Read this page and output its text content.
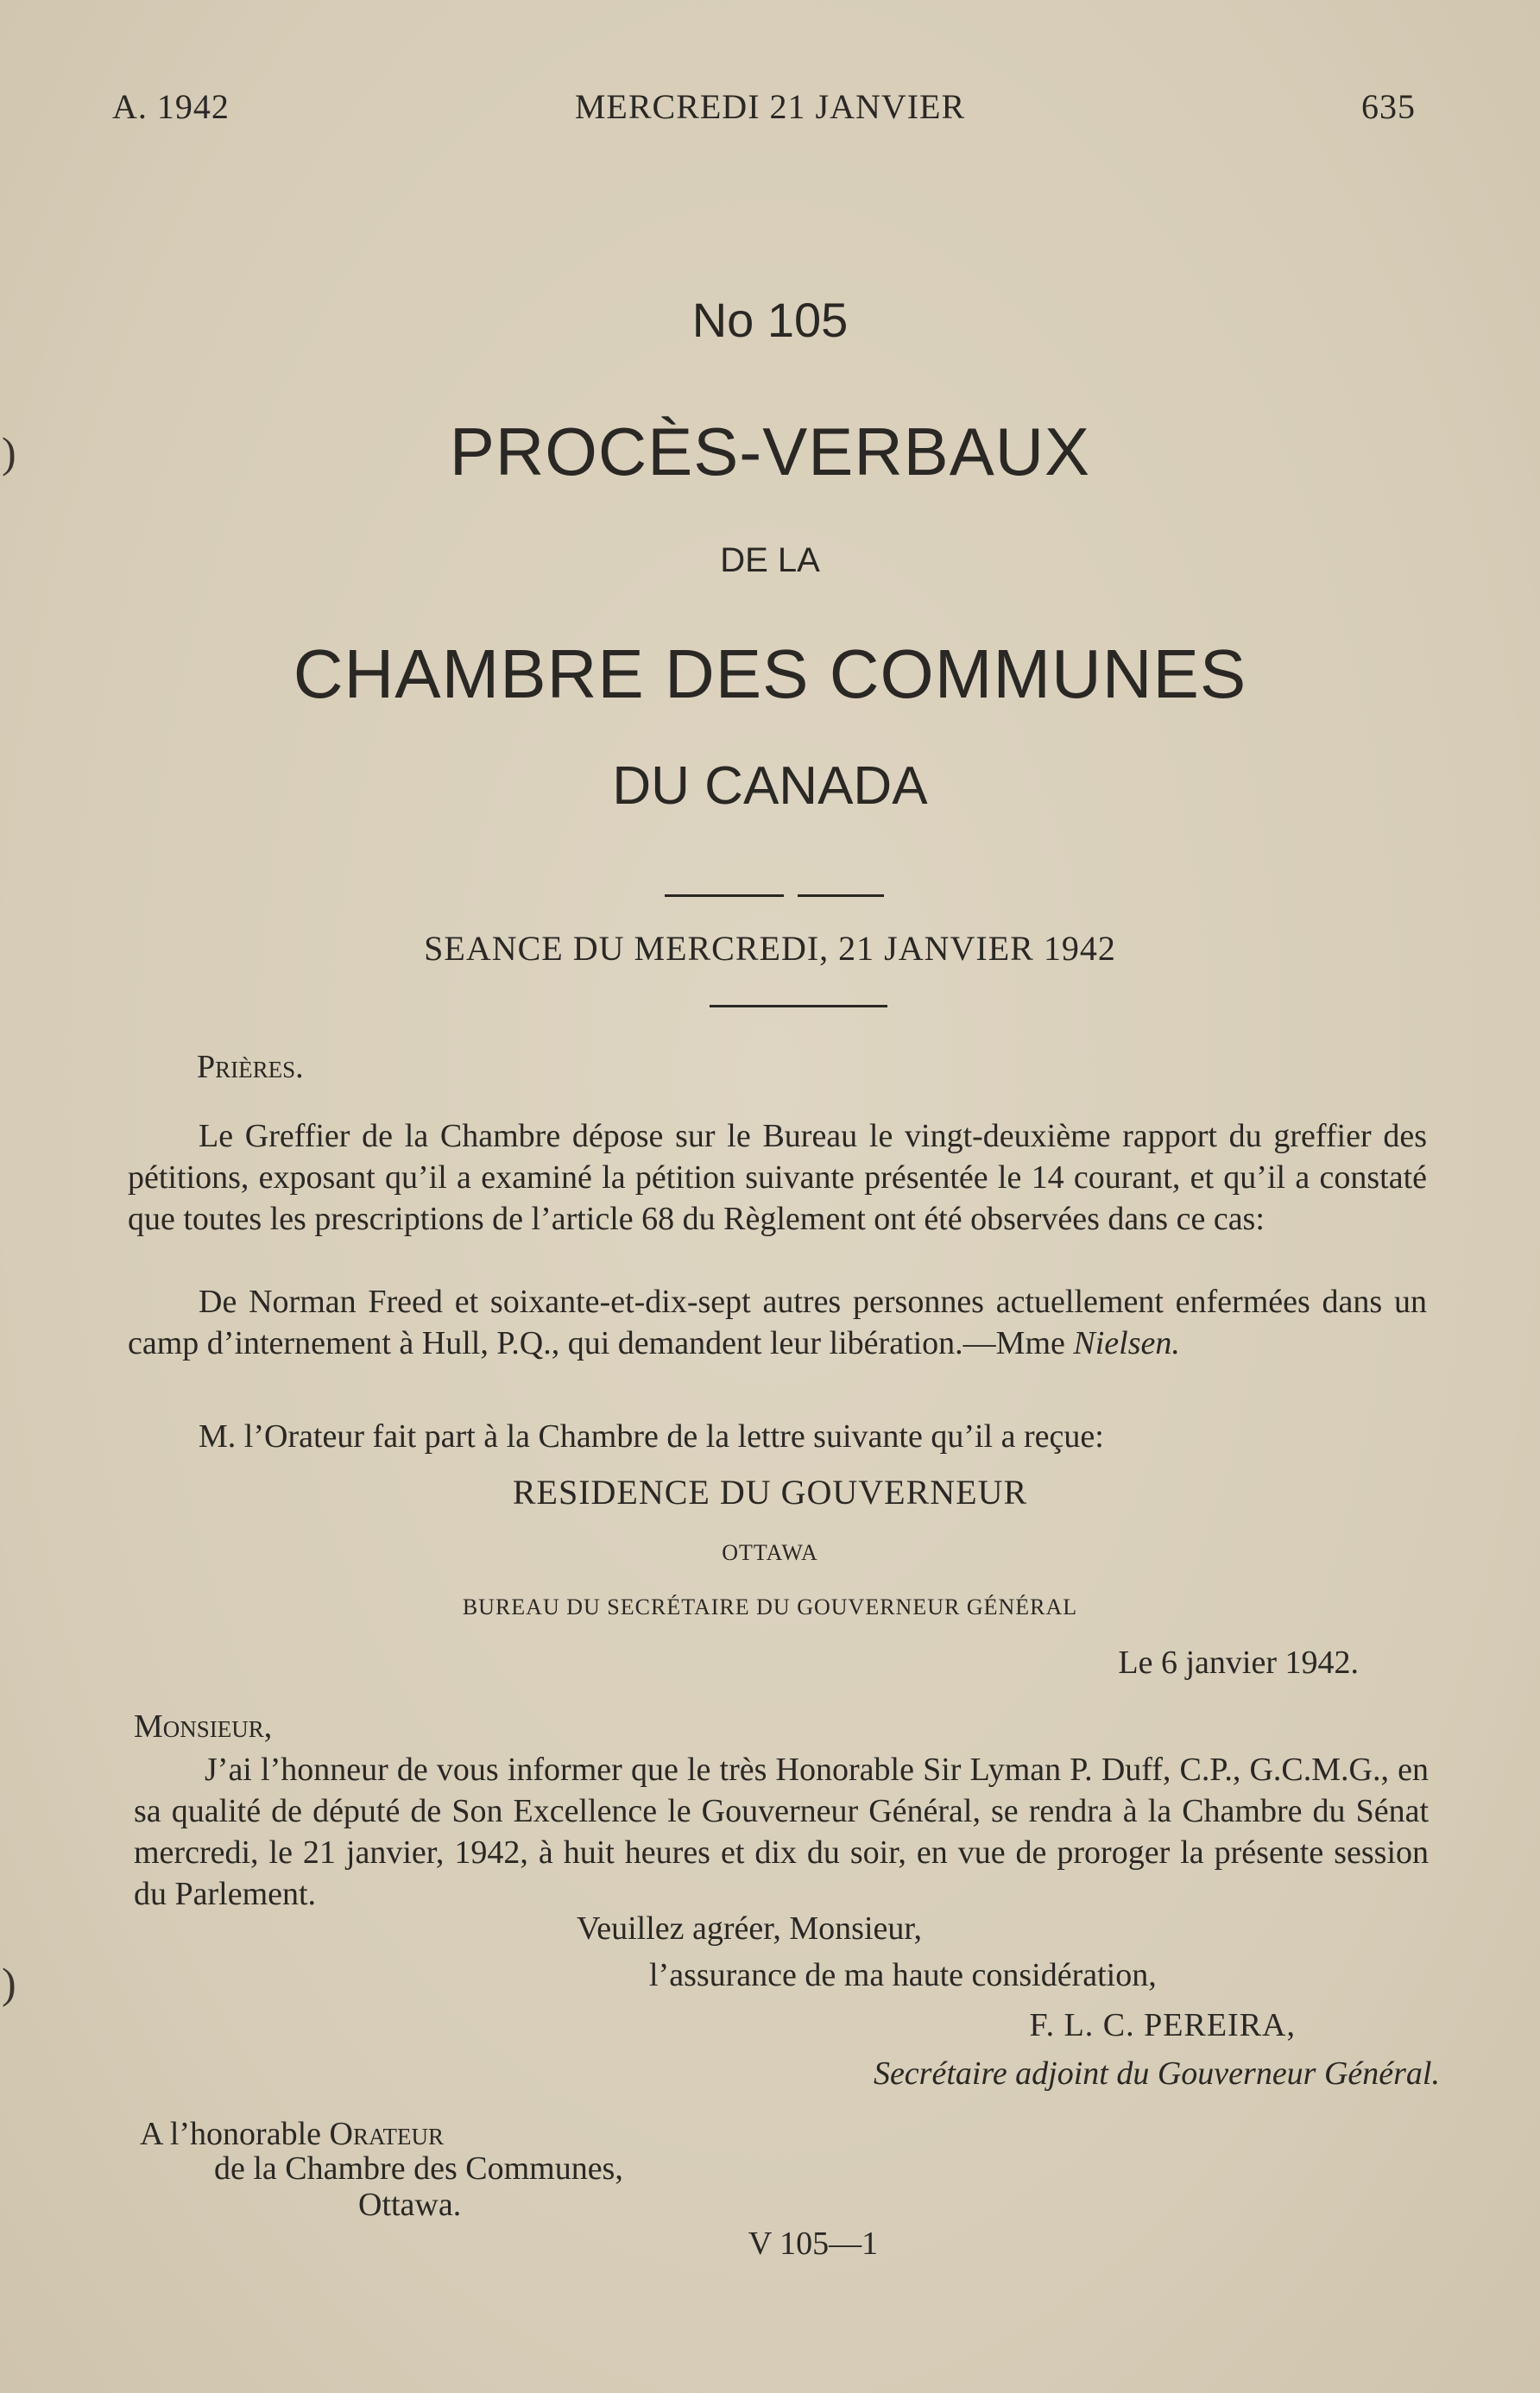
A. 1942	MERCREDI 21 JANVIER	635
No 105
PROCÈS-VERBAUX
DE LA
CHAMBRE DES COMMUNES
DU CANADA
SEANCE DU MERCREDI, 21 JANVIER 1942
Prières.
Le Greffier de la Chambre dépose sur le Bureau le vingt-deuxième rapport du greffier des pétitions, exposant qu’il a examiné la pétition suivante présentée le 14 courant, et qu’il a constaté que toutes les prescriptions de l’article 68 du Règlement ont été observées dans ce cas:
De Norman Freed et soixante-et-dix-sept autres personnes actuellement enfermées dans un camp d’internement à Hull, P.Q., qui demandent leur libération.—Mme Nielsen.
M. l’Orateur fait part à la Chambre de la lettre suivante qu’il a reçue:
RESIDENCE DU GOUVERNEUR
OTTAWA
BUREAU DU SECRÉTAIRE DU GOUVERNEUR GÉNÉRAL
Le 6 janvier 1942.
Monsieur,
J’ai l’honneur de vous informer que le très Honorable Sir Lyman P. Duff, C.P., G.C.M.G., en sa qualité de député de Son Excellence le Gouverneur Général, se rendra à la Chambre du Sénat mercredi, le 21 janvier, 1942, à huit heures et dix du soir, en vue de proroger la présente session du Parlement.
Veuillez agréer, Monsieur,
l’assurance de ma haute considération,
F. L. C. PEREIRA,
Secrétaire adjoint du Gouverneur Général.
A l’honorable Orateur
de la Chambre des Communes,
Ottawa.
V 105—1
)
)
